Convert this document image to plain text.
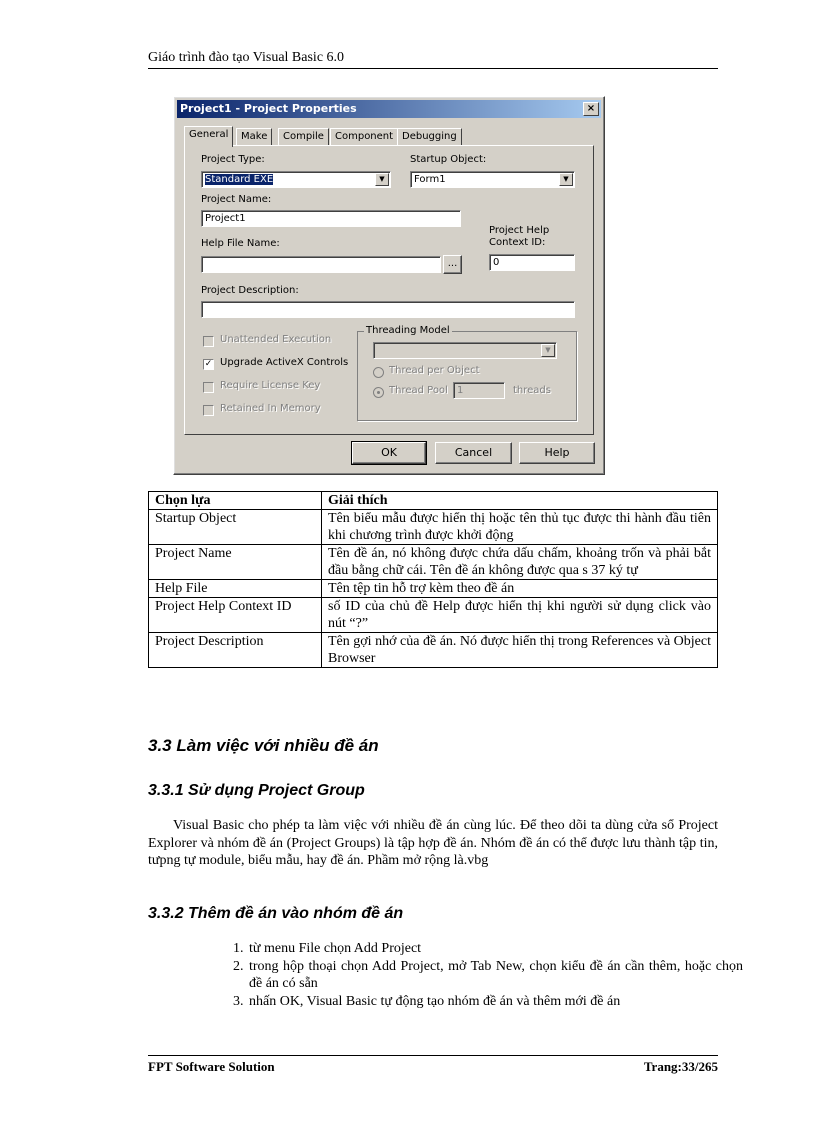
Giáo trình đào tạo Visual Basic 6.0
Project1 - Project Properties	×
General	Make	Compile	Component Debugging
Project Type:
Standard EXE	▼
Startup Object:
Form1	▼
Project Name:
Project1
Project Help
Context ID:
Help File Name:
...	0
Project Description:
Unattended Execution
✓ Upgrade ActiveX Controls
Require License Key
Retained In Memory
Threading Model
▼
Thread per Object
Thread Pool 1	threads
OK	Cancel	Help
Chọn lựa	Giải thích
Startup Object	Tên biểu mẫu được hiển thị hoặc tên thủ tục được thi hành đầu tiên khi chương trình được khởi động
Project Name	Tên đề án, nó không được chứa dấu chấm, khoảng trốn và phải bắt đầu bằng chữ cái. Tên đề án không được qua s 37 ký tự
Help File	Tên tệp tin hỗ trợ kèm theo đề án
Project Help Context ID	số ID của chủ đề Help được hiển thị khi người sử dụng click vào nút “?”
Project Description	Tên gợi nhớ của đề án. Nó được hiển thị trong References và Object Browser
3.3 Làm việc với nhiều đề án
3.3.1 Sử dụng Project Group

Visual Basic cho phép ta làm việc với nhiều đề án cùng lúc. Để theo dõi ta dùng cửa sổ Project Explorer và nhóm đề án (Project Groups) là tập hợp đề án. Nhóm đề án có thể được lưu thành tập tin, tưpng tự module, biểu mẫu, hay đề án. Phầm mở rộng là.vbg

3.3.2 Thêm đề án vào nhóm đề án
1. từ menu File chọn Add Project
2. trong hộp thoại chọn Add Project, mở Tab New, chọn kiểu đề án cần thêm, hoặc chọn đề án có sẵn
3. nhấn OK, Visual Basic tự động tạo nhóm đề án và thêm mới đề án
FPT Software Solution	Trang:33/265
